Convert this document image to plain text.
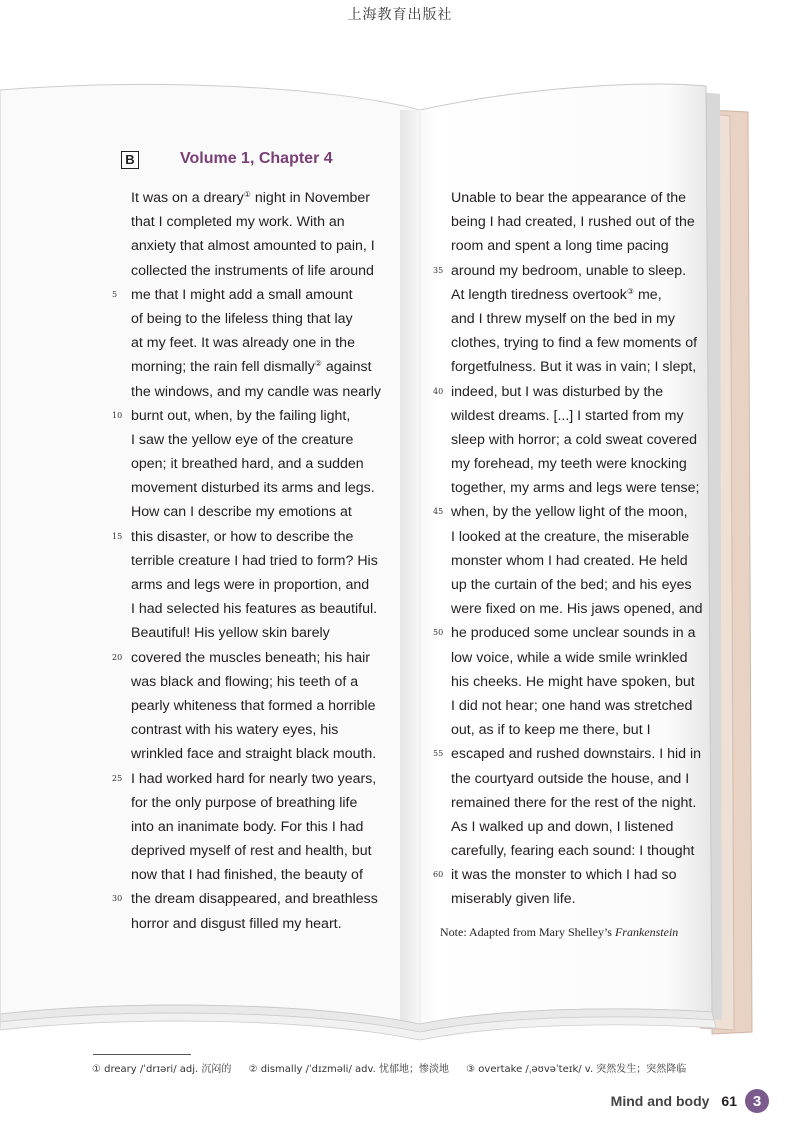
上海教育出版社
B	Volume 1, Chapter 4
It was on a dreary① night in November
that I completed my work. With an
anxiety that almost amounted to pain, I
collected the instruments of life around
5 me that I might add a small amount
of being to the lifeless thing that lay
at my feet. It was already one in the
morning; the rain fell dismally② against
the windows, and my candle was nearly
10 burnt out, when, by the failing light,
I saw the yellow eye of the creature
open; it breathed hard, and a sudden
movement disturbed its arms and legs.
How can I describe my emotions at
15 this disaster, or how to describe the
terrible creature I had tried to form? His
arms and legs were in proportion, and
I had selected his features as beautiful.
Beautiful! His yellow skin barely
20 covered the muscles beneath; his hair
was black and flowing; his teeth of a
pearly whiteness that formed a horrible
contrast with his watery eyes, his
wrinkled face and straight black mouth.
25 I had worked hard for nearly two years,
for the only purpose of breathing life
into an inanimate body. For this I had
deprived myself of rest and health, but
now that I had finished, the beauty of
30 the dream disappeared, and breathless
horror and disgust filled my heart.
Unable to bear the appearance of the
being I had created, I rushed out of the
room and spent a long time pacing
35 around my bedroom, unable to sleep.
At length tiredness overtook③ me,
and I threw myself on the bed in my
clothes, trying to find a few moments of
forgetfulness. But it was in vain; I slept,
40 indeed, but I was disturbed by the
wildest dreams. [...] I started from my
sleep with horror; a cold sweat covered
my forehead, my teeth were knocking
together, my arms and legs were tense;
45 when, by the yellow light of the moon,
I looked at the creature, the miserable
monster whom I had created. He held
up the curtain of the bed; and his eyes
were fixed on me. His jaws opened, and
50 he produced some unclear sounds in a
low voice, while a wide smile wrinkled
his cheeks. He might have spoken, but
I did not hear; one hand was stretched
out, as if to keep me there, but I
55 escaped and rushed downstairs. I hid in
the courtyard outside the house, and I
remained there for the rest of the night.
As I walked up and down, I listened
carefully, fearing each sound: I thought
60 it was the monster to which I had so
miserably given life.
Note: Adapted from Mary Shelley’s Frankenstein
① dreary /ˈdrɪəri/ adj. 沉闷的 ② dismally /ˈdɪzməli/ adv. 忧郁地；惨淡地 ③ overtake /ˌəʊvəˈteɪk/ v. 突然发生；突然降临
Mind and body 61	3
